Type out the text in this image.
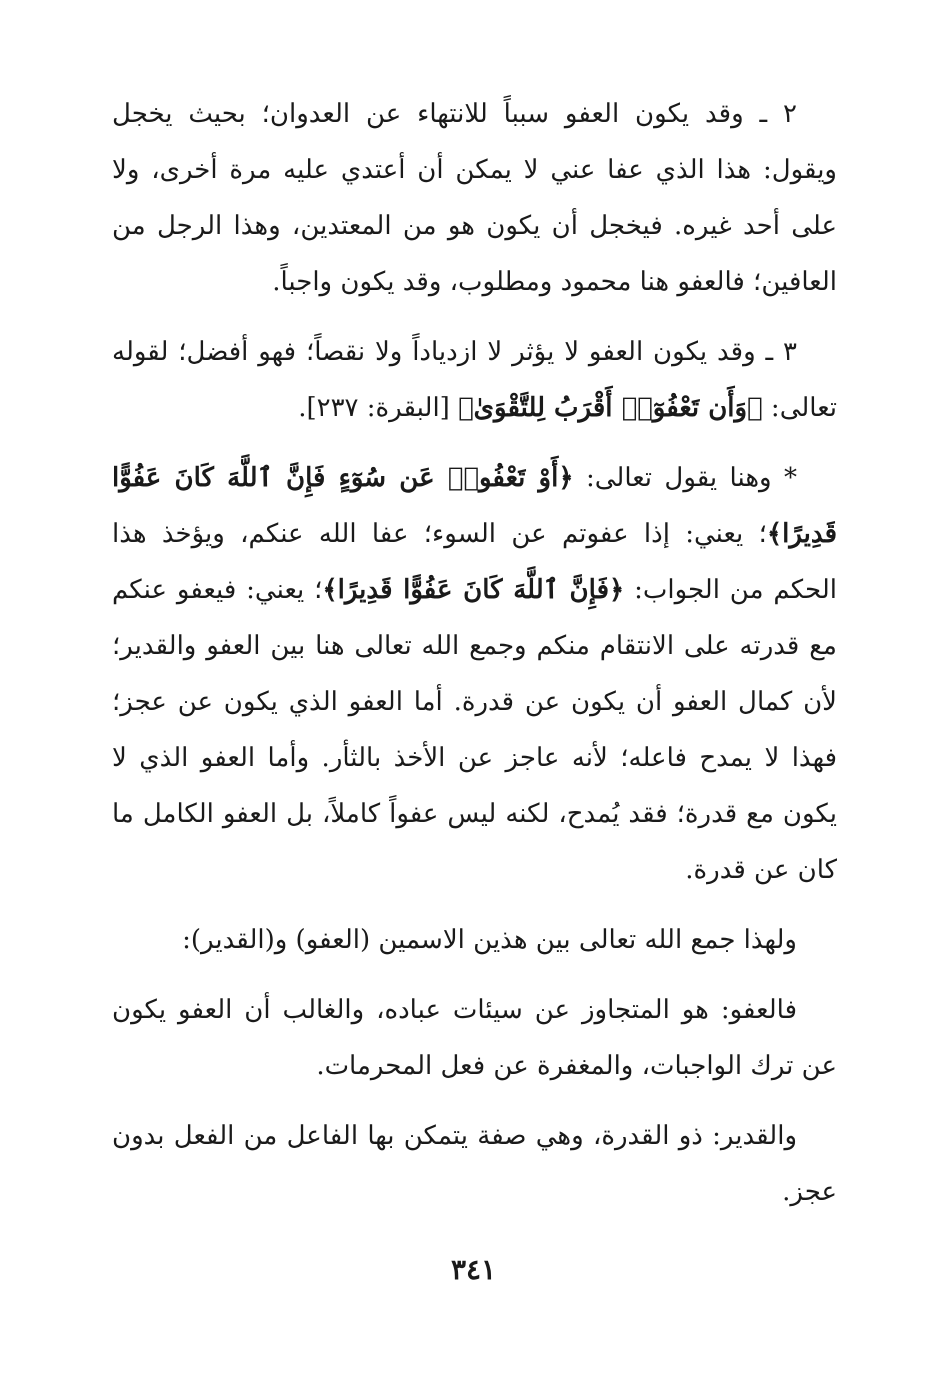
٢ ـ وقد يكون العفو سبباً للانتهاء عن العدوان؛ بحيث يخجل ويقول: هذا الذي عفا عني لا يمكن أن أعتدي عليه مرة أخرى، ولا على أحد غيره. فيخجل أن يكون هو من المعتدين، وهذا الرجل من العافين؛ فالعفو هنا محمود ومطلوب، وقد يكون واجباً.

٣ ـ وقد يكون العفو لا يؤثر لا ازدياداً ولا نقصاً؛ فهو أفضل؛ لقوله تعالى: ﴿وَأَن تَعْفُوٓا۟ أَقْرَبُ لِلتَّقْوَىٰ﴾ [البقرة: ٢٣٧].

* وهنا يقول تعالى: ﴿أَوْ تَعْفُوا۟ عَن سُوٓءٍ فَإِنَّ ٱللَّهَ كَانَ عَفُوًّا قَدِيرًا﴾؛ يعني: إذا عفوتم عن السوء؛ عفا الله عنكم، ويؤخذ هذا الحكم من الجواب: ﴿فَإِنَّ ٱللَّهَ كَانَ عَفُوًّا قَدِيرًا﴾؛ يعني: فيعفو عنكم مع قدرته على الانتقام منكم وجمع الله تعالى هنا بين العفو والقدير؛ لأن كمال العفو أن يكون عن قدرة. أما العفو الذي يكون عن عجز؛ فهذا لا يمدح فاعله؛ لأنه عاجز عن الأخذ بالثأر. وأما العفو الذي لا يكون مع قدرة؛ فقد يُمدح، لكنه ليس عفواً كاملاً، بل العفو الكامل ما كان عن قدرة.

ولهذا جمع الله تعالى بين هذين الاسمين (العفو) و(القدير):

فالعفو: هو المتجاوز عن سيئات عباده، والغالب أن العفو يكون عن ترك الواجبات، والمغفرة عن فعل المحرمات.

والقدير: ذو القدرة، وهي صفة يتمكن بها الفاعل من الفعل بدون عجز.

٣٤١
